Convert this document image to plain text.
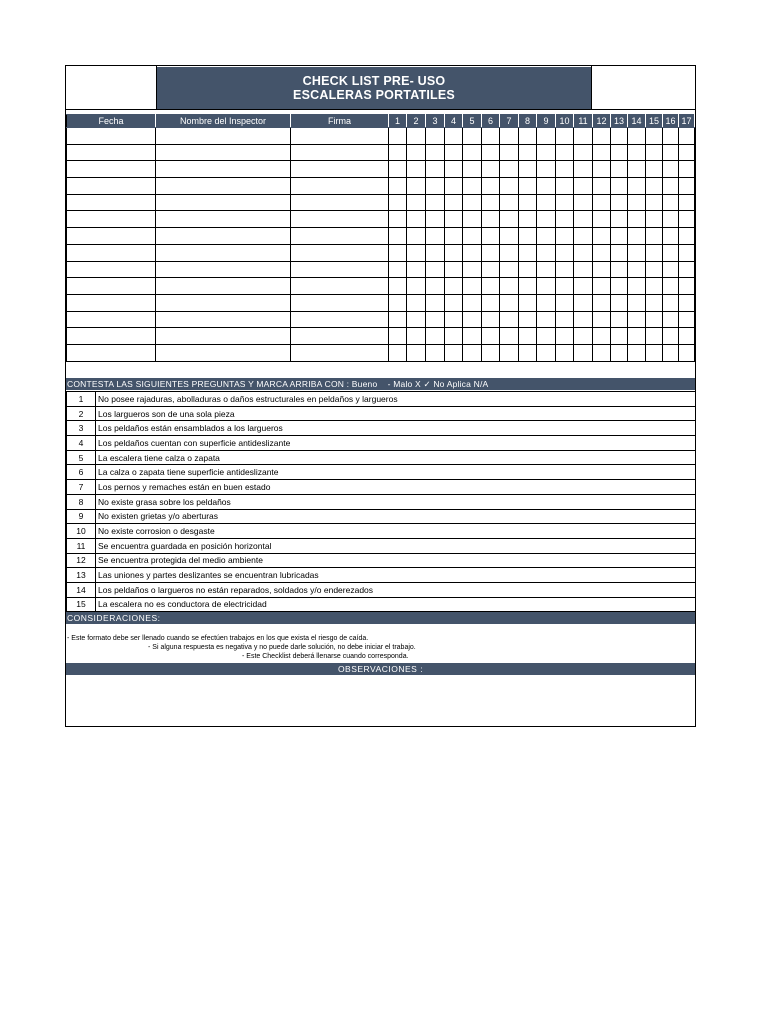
CHECK LIST PRE- USO
ESCALERAS PORTATILES
Fecha	Nombre del Inspector	Firma	1	2	3	4	5	6	7	8	9	10	11	12	13	14	15	16	17

CONTESTA LAS SIGUIENTES PREGUNTAS Y MARCA ARRIBA CON : Bueno - Malo X ✓ No Aplica N/A
1	No posee rajaduras, abolladuras o daños estructurales en peldaños y largueros
2	Los largueros son de una sola pieza
3	Los peldaños están ensamblados a los largueros
4	Los peldaños cuentan con superficie antideslizante
5	La escalera tiene calza o zapata
6	La calza o zapata tiene superficie antideslizante
7	Los pernos y remaches están en buen estado
8	No existe grasa sobre los peldaños
9	No existen grietas y/o aberturas
10	No existe corrosion o desgaste
11	Se encuentra guardada en posición horizontal
12	Se encuentra protegida del medio ambiente
13	Las uniones y partes deslizantes se encuentran lubricadas
14	Los peldaños o largueros no están reparados, soldados y/o enderezados
15	La escalera no es conductora de electricidad
CONSIDERACIONES:
- Este formato debe ser llenado cuando se efectúen trabajos en los que exista el riesgo de caída.
- Si alguna respuesta es negativa y no puede darle solución, no debe iniciar el trabajo.
- Este Checklist deberá llenarse cuando corresponda.
OBSERVACIONES :
